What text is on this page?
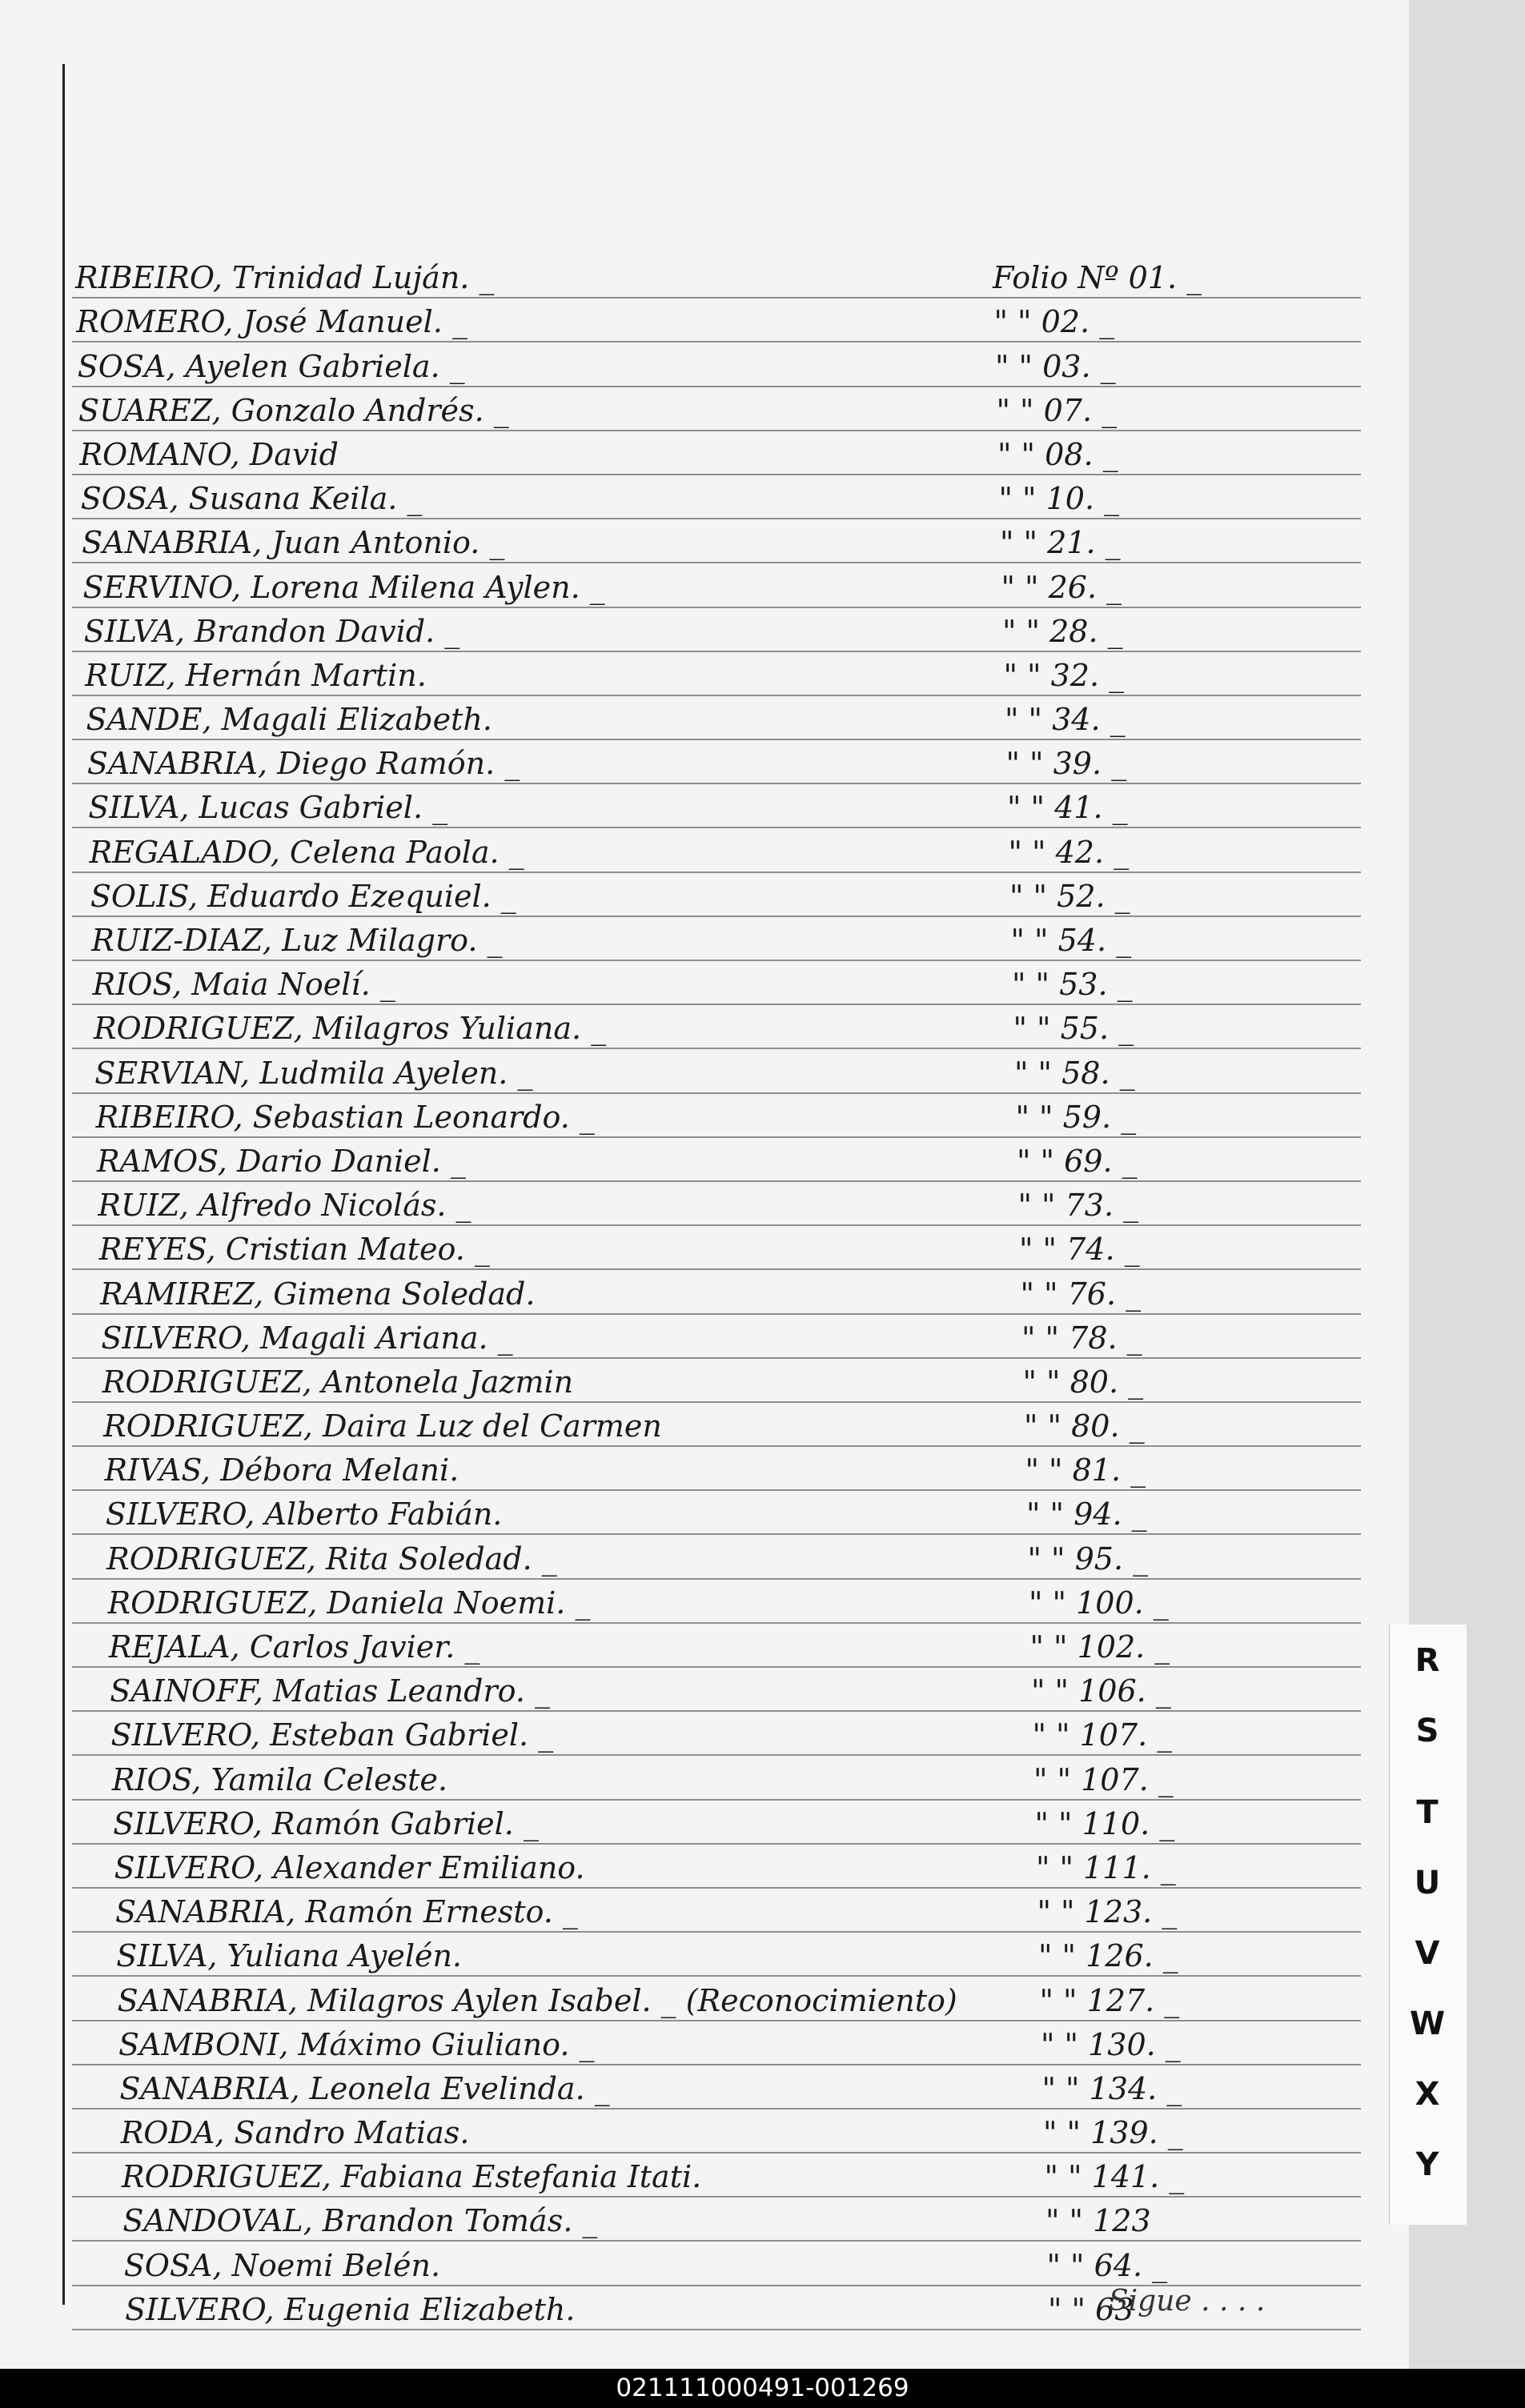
RIBEIRO, Trinidad Luján. _	Folio Nº 01. _
ROMERO, José Manuel. _	" " 02. _
SOSA, Ayelen Gabriela. _	" " 03. _
SUAREZ, Gonzalo Andrés. _	" " 07. _
ROMANO, David	" " 08. _
SOSA, Susana Keila. _	" " 10. _
SANABRIA, Juan Antonio. _	" " 21. _
SERVINO, Lorena Milena Aylen. _	" " 26. _
SILVA, Brandon David. _	" " 28. _
RUIZ, Hernán Martin.	" " 32. _
SANDE, Magali Elizabeth.	" " 34. _
SANABRIA, Diego Ramón. _	" " 39. _
SILVA, Lucas Gabriel. _	" " 41. _
REGALADO, Celena Paola. _	" " 42. _
SOLIS, Eduardo Ezequiel. _	" " 52. _
RUIZ-DIAZ, Luz Milagro. _	" " 54. _
RIOS, Maia Noelí. _	" " 53. _
RODRIGUEZ, Milagros Yuliana. _	" " 55. _
SERVIAN, Ludmila Ayelen. _	" " 58. _
RIBEIRO, Sebastian Leonardo. _	" " 59. _
RAMOS, Dario Daniel. _	" " 69. _
RUIZ, Alfredo Nicolás. _	" " 73. _
REYES, Cristian Mateo. _	" " 74. _
RAMIREZ, Gimena Soledad.	" " 76. _
SILVERO, Magali Ariana. _	" " 78. _
RODRIGUEZ, Antonela Jazmin	" " 80. _
RODRIGUEZ, Daira Luz del Carmen	" " 80. _
RIVAS, Débora Melani.	" " 81. _
SILVERO, Alberto Fabián.	" " 94. _
RODRIGUEZ, Rita Soledad. _	" " 95. _
RODRIGUEZ, Daniela Noemi. _	" " 100. _
REJALA, Carlos Javier. _	" " 102. _
SAINOFF, Matias Leandro. _	" " 106. _
SILVERO, Esteban Gabriel. _	" " 107. _
RIOS, Yamila Celeste.	" " 107. _
SILVERO, Ramón Gabriel. _	" " 110. _
SILVERO, Alexander Emiliano.	" " 111. _
SANABRIA, Ramón Ernesto. _	" " 123. _
SILVA, Yuliana Ayelén.	" " 126. _
SANABRIA, Milagros Aylen Isabel. _ (Reconocimiento)	" " 127. _
SAMBONI, Máximo Giuliano. _	" " 130. _
SANABRIA, Leonela Evelinda. _	" " 134. _
RODA, Sandro Matias.	" " 139. _
RODRIGUEZ, Fabiana Estefania Itati.	" " 141. _
SANDOVAL, Brandon Tomás. _	" " 123
SOSA, Noemi Belén.	" " 64. _
SILVERO, Eugenia Elizabeth.	" " 63
Sigue . . . .
R
S
T
U
V
W
X
Y
021111000491-001269
